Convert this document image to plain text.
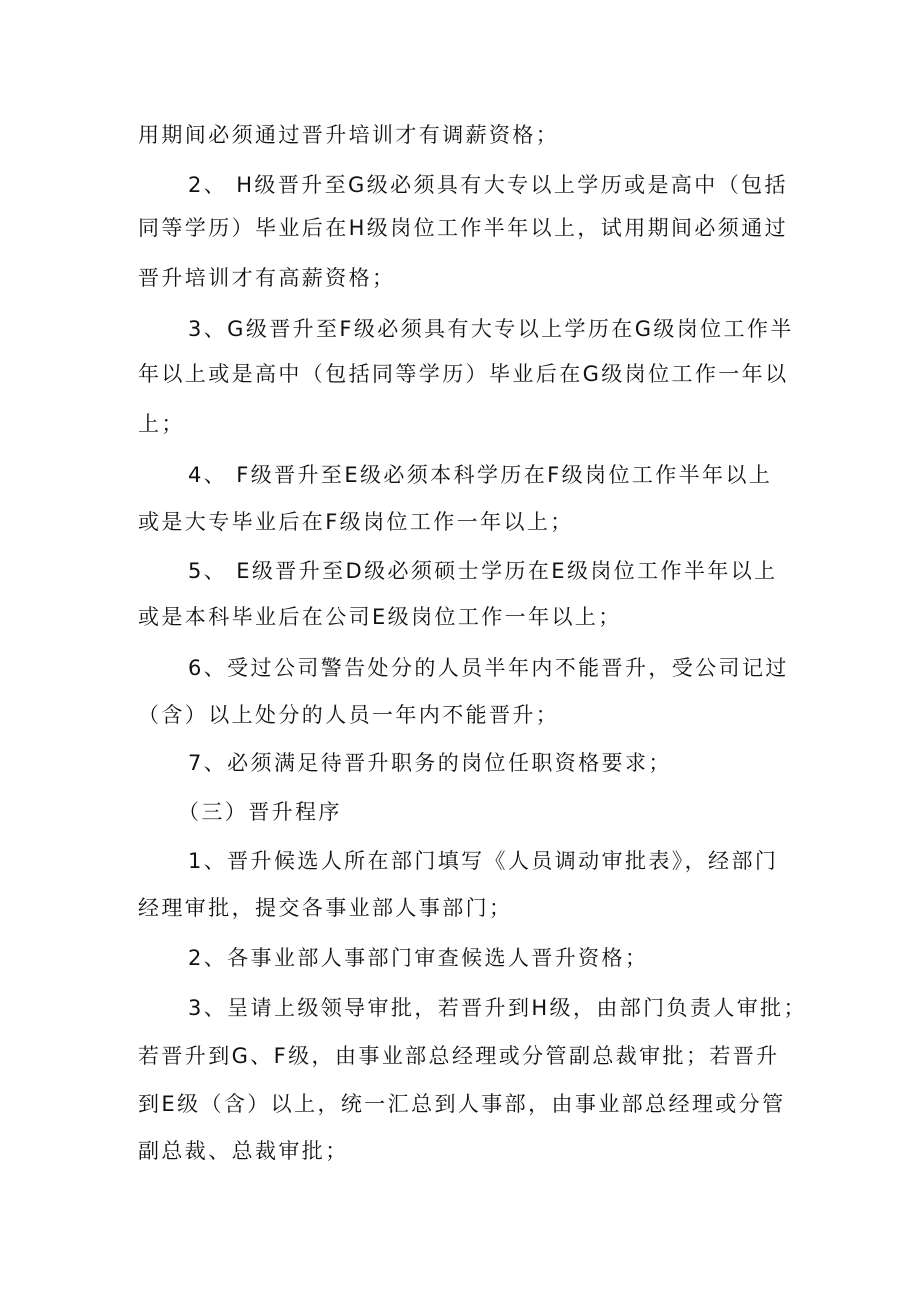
用期间必须通过晋升培训才有调薪资格；
2、 H级晋升至G级必须具有大专以上学历或是高中（包括
同等学历）毕业后在H级岗位工作半年以上，试用期间必须通过
晋升培训才有高薪资格；
3、G级晋升至F级必须具有大专以上学历在G级岗位工作半
年以上或是高中（包括同等学历）毕业后在G级岗位工作一年以
上；
4、 F级晋升至E级必须本科学历在F级岗位工作半年以上
或是大专毕业后在F级岗位工作一年以上；
5、 E级晋升至D级必须硕士学历在E级岗位工作半年以上
或是本科毕业后在公司E级岗位工作一年以上；
6、受过公司警告处分的人员半年内不能晋升，受公司记过
（含）以上处分的人员一年内不能晋升；
7、必须满足待晋升职务的岗位任职资格要求；
（三）晋升程序
1、晋升候选人所在部门填写《人员调动审批表》，经部门
经理审批，提交各事业部人事部门；
2、各事业部人事部门审查候选人晋升资格；
3、呈请上级领导审批，若晋升到H级，由部门负责人审批；
若晋升到G、F级，由事业部总经理或分管副总裁审批；若晋升
到E级（含）以上，统一汇总到人事部，由事业部总经理或分管
副总裁、总裁审批；
